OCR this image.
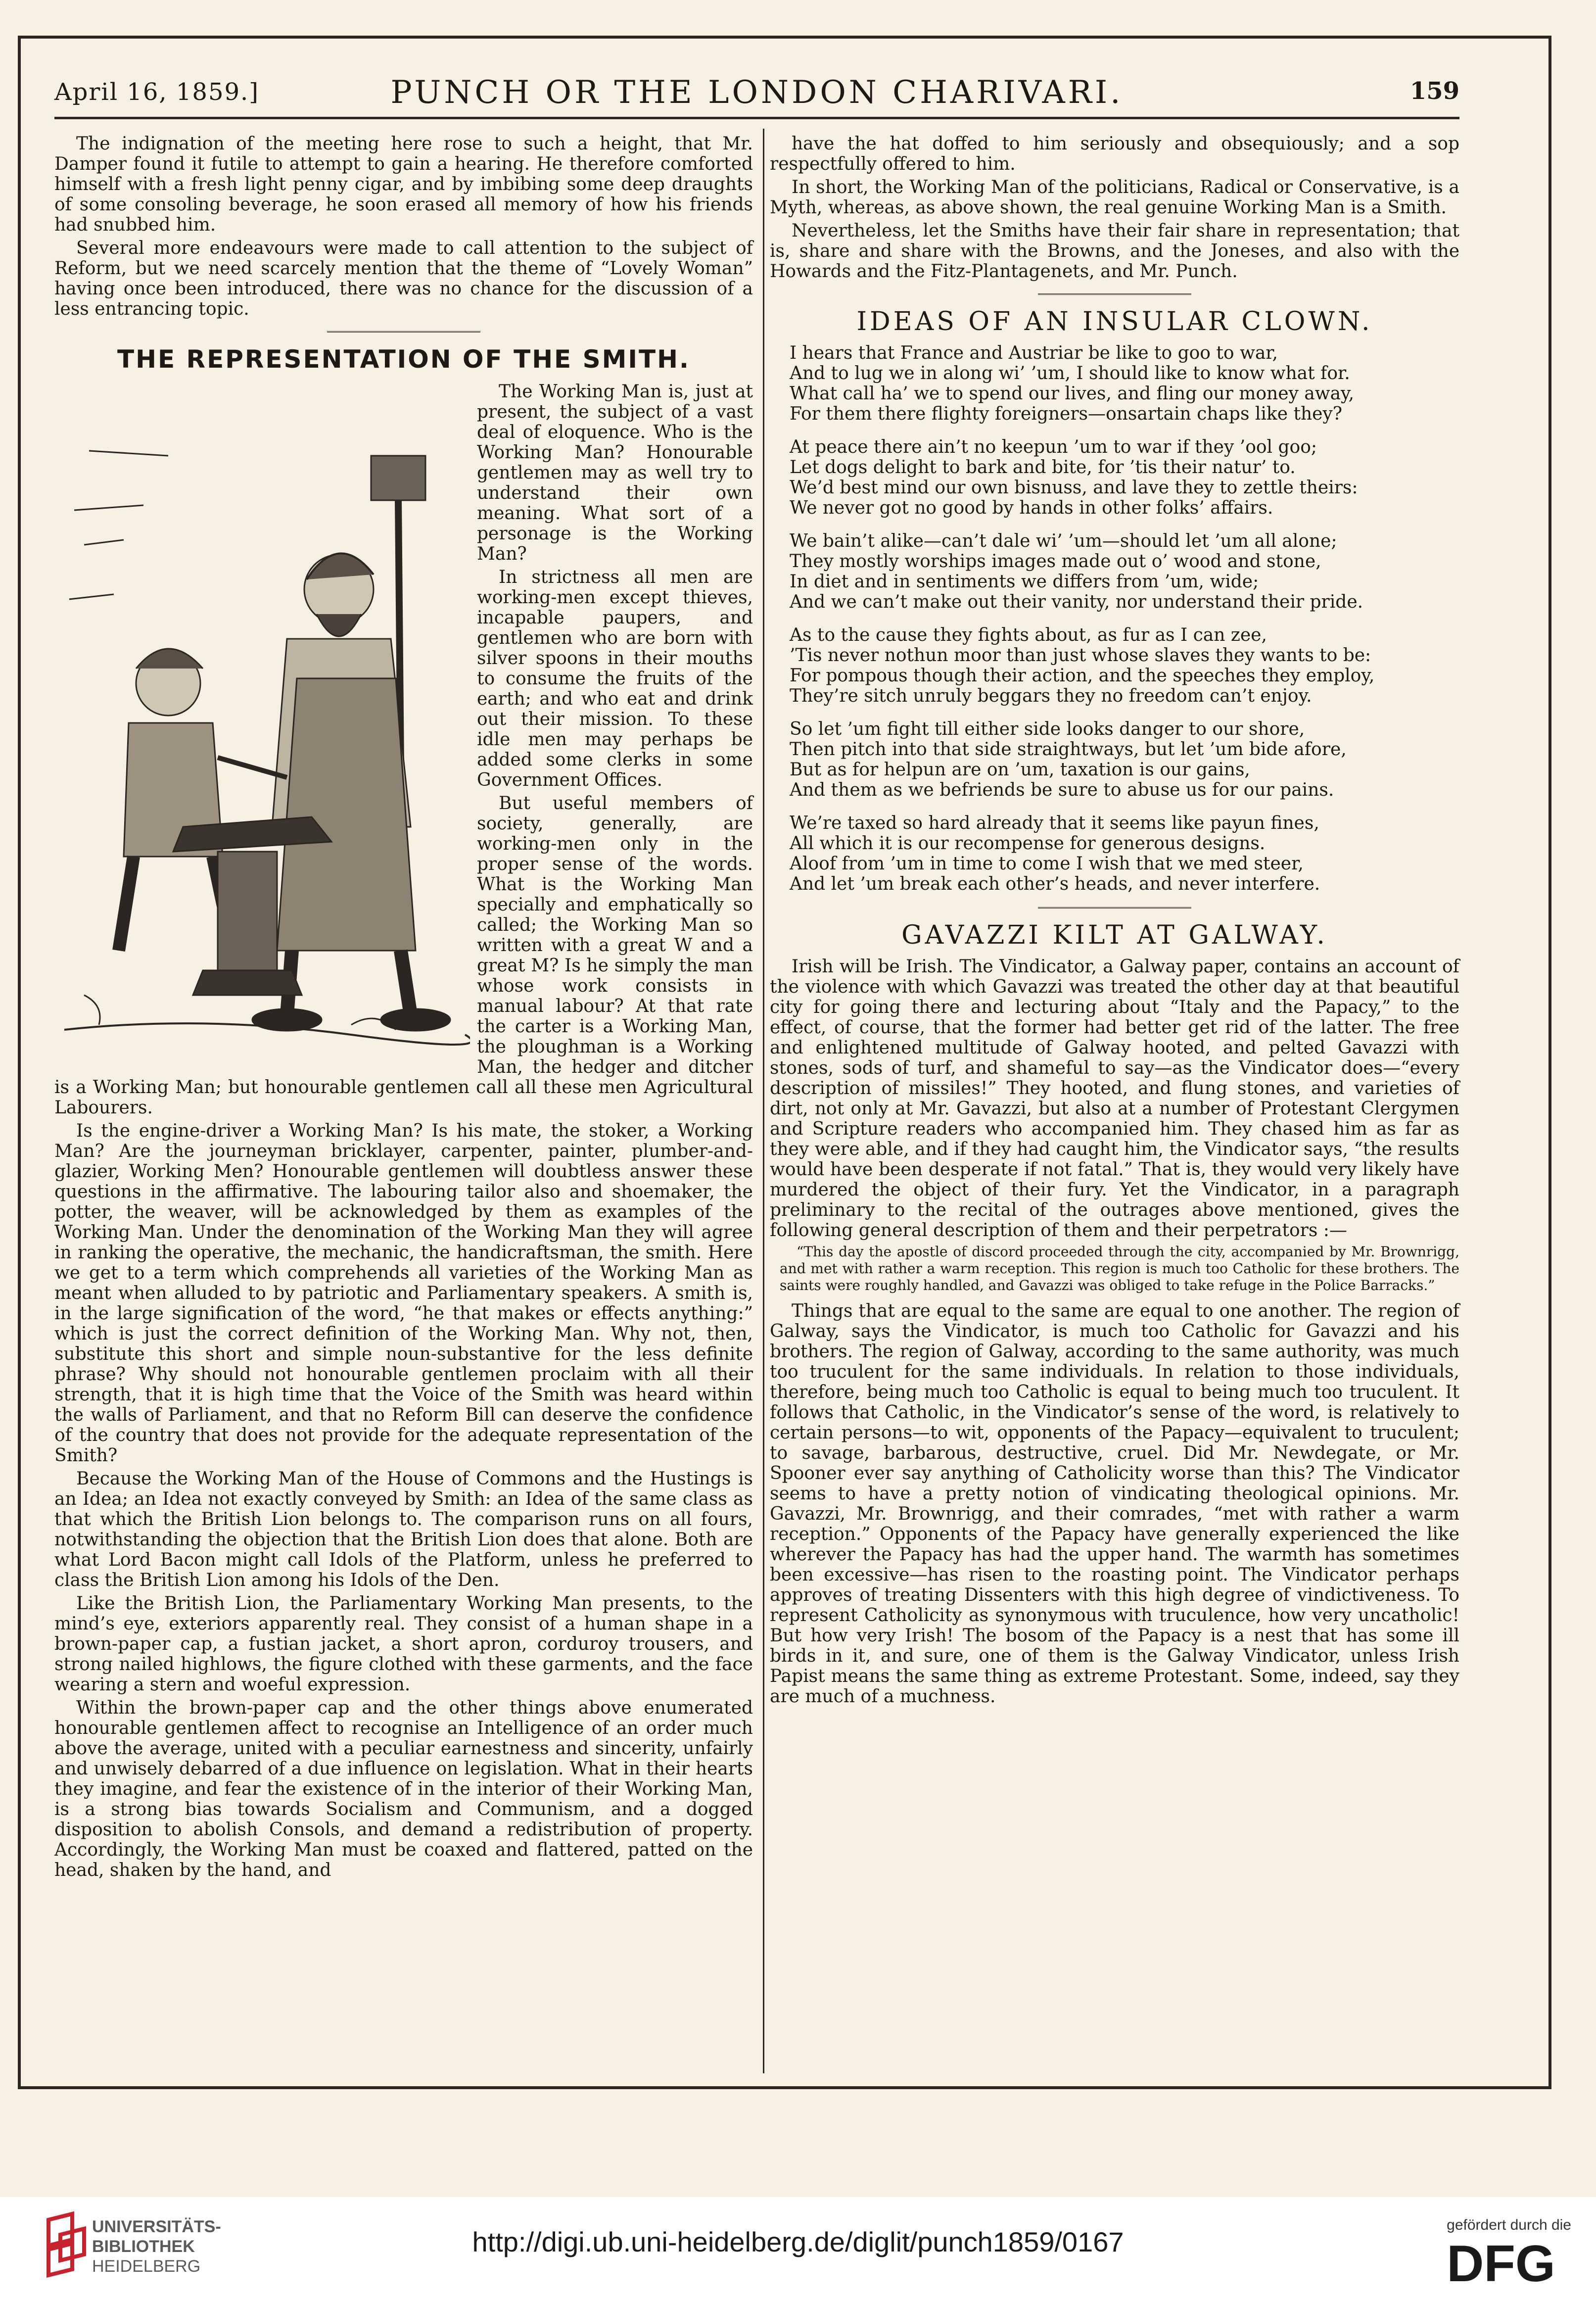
April 16, 1859.]	PUNCH OR THE LONDON CHARIVARI.	159

The indignation of the meeting here rose to such a height, that Mr. Damper found it futile to attempt to gain a hearing. He therefore comforted himself with a fresh light penny cigar, and by imbibing some deep draughts of some consoling beverage, he soon erased all memory of how his friends had snubbed him.

Several more endeavours were made to call attention to the subject of Reform, but we need scarcely mention that the theme of “Lovely Woman” having once been introduced, there was no chance for the discussion of a less entrancing topic.

THE REPRESENTATION OF THE SMITH.

The Working Man is, just at present, the subject of a vast deal of eloquence. Who is the Working Man? Honourable gentlemen may as well try to understand their own meaning. What sort of a personage is the Working Man?

In strictness all men are working-men except thieves, incapable paupers, and gentlemen who are born with silver spoons in their mouths to consume the fruits of the earth; and who eat and drink out their mission. To these idle men may perhaps be added some clerks in some Government Offices.

But useful members of society, generally, are working-men only in the proper sense of the words. What is the Working Man specially and emphatically so called; the Working Man so written with a great W and a great M? Is he simply the man whose work consists in manual labour? At that rate the carter is a Working Man, the ploughman is a Working Man, the hedger and ditcher is a Working Man; but honourable gentlemen call all these men Agricultural Labourers.

Is the engine-driver a Working Man? Is his mate, the stoker, a Working Man? Are the journeyman bricklayer, carpenter, painter, plumber-and-glazier, Working Men? Honourable gentlemen will doubtless answer these questions in the affirmative. The labouring tailor also and shoemaker, the potter, the weaver, will be acknowledged by them as examples of the Working Man. Under the denomination of the Working Man they will agree in ranking the operative, the mechanic, the handicraftsman, the smith. Here we get to a term which comprehends all varieties of the Working Man as meant when alluded to by patriotic and Parliamentary speakers. A smith is, in the large signification of the word, “he that makes or effects anything:” which is just the correct definition of the Working Man. Why not, then, substitute this short and simple noun-substantive for the less definite phrase? Why should not honourable gentlemen proclaim with all their strength, that it is high time that the Voice of the Smith was heard within the walls of Parliament, and that no Reform Bill can deserve the confidence of the country that does not provide for the adequate representation of the Smith?

Because the Working Man of the House of Commons and the Hustings is an Idea; an Idea not exactly conveyed by Smith: an Idea of the same class as that which the British Lion belongs to. The comparison runs on all fours, notwithstanding the objection that the British Lion does that alone. Both are what Lord Bacon might call Idols of the Platform, unless he preferred to class the British Lion among his Idols of the Den.

Like the British Lion, the Parliamentary Working Man presents, to the mind’s eye, exteriors apparently real. They consist of a human shape in a brown-paper cap, a fustian jacket, a short apron, corduroy trousers, and strong nailed highlows, the figure clothed with these garments, and the face wearing a stern and woeful expression.

Within the brown-paper cap and the other things above enumerated honourable gentlemen affect to recognise an Intelligence of an order much above the average, united with a peculiar earnestness and sincerity, unfairly and unwisely debarred of a due influence on legislation. What in their hearts they imagine, and fear the existence of in the interior of their Working Man, is a strong bias towards Socialism and Communism, and a dogged disposition to abolish Consols, and demand a redistribution of property. Accordingly, the Working Man must be coaxed and flattered, patted on the head, shaken by the hand, and

have the hat doffed to him seriously and obsequiously; and a sop respectfully offered to him.

In short, the Working Man of the politicians, Radical or Conservative, is a Myth, whereas, as above shown, the real genuine Working Man is a Smith.

Nevertheless, let the Smiths have their fair share in representation; that is, share and share with the Browns, and the Joneses, and also with the Howards and the Fitz-Plantagenets, and Mr. Punch.

IDEAS OF AN INSULAR CLOWN.
I hears that France and Austriar be like to goo to war,
And to lug we in along wi’ ’um, I should like to know what for.
What call ha’ we to spend our lives, and fling our money away,
For them there flighty foreigners—onsartain chaps like they?
At peace there ain’t no keepun ’um to war if they ’ool goo;
Let dogs delight to bark and bite, for ’tis their natur’ to.
We’d best mind our own bisnuss, and lave they to zettle theirs:
We never got no good by hands in other folks’ affairs.
We bain’t alike—can’t dale wi’ ’um—should let ’um all alone;
They mostly worships images made out o’ wood and stone,
In diet and in sentiments we differs from ’um, wide;
And we can’t make out their vanity, nor understand their pride.
As to the cause they fights about, as fur as I can zee,
’Tis never nothun moor than just whose slaves they wants to be:
For pompous though their action, and the speeches they employ,
They’re sitch unruly beggars they no freedom can’t enjoy.
So let ’um fight till either side looks danger to our shore,
Then pitch into that side straightways, but let ’um bide afore,
But as for helpun are on ’um, taxation is our gains,
And them as we befriends be sure to abuse us for our pains.
We’re taxed so hard already that it seems like payun fines,
All which it is our recompense for generous designs.
Aloof from ’um in time to come I wish that we med steer,
And let ’um break each other’s heads, and never interfere.
GAVAZZI KILT AT GALWAY.

Irish will be Irish. The Vindicator, a Galway paper, contains an account of the violence with which Gavazzi was treated the other day at that beautiful city for going there and lecturing about “Italy and the Papacy,” to the effect, of course, that the former had better get rid of the latter. The free and enlightened multitude of Galway hooted, and pelted Gavazzi with stones, sods of turf, and shameful to say—as the Vindicator does—“every description of missiles!” They hooted, and flung stones, and varieties of dirt, not only at Mr. Gavazzi, but also at a number of Protestant Clergymen and Scripture readers who accompanied him. They chased him as far as they were able, and if they had caught him, the Vindicator says, “the results would have been desperate if not fatal.” That is, they would very likely have murdered the object of their fury. Yet the Vindicator, in a paragraph preliminary to the recital of the outrages above mentioned, gives the following general description of them and their perpetrators :—

“This day the apostle of discord proceeded through the city, accompanied by Mr. Brownrigg, and met with rather a warm reception. This region is much too Catholic for these brothers. The saints were roughly handled, and Gavazzi was obliged to take refuge in the Police Barracks.”

Things that are equal to the same are equal to one another. The region of Galway, says the Vindicator, is much too Catholic for Gavazzi and his brothers. The region of Galway, according to the same authority, was much too truculent for the same individuals. In relation to those individuals, therefore, being much too Catholic is equal to being much too truculent. It follows that Catholic, in the Vindicator’s sense of the word, is relatively to certain persons—to wit, opponents of the Papacy—equivalent to truculent; to savage, barbarous, destructive, cruel. Did Mr. Newdegate, or Mr. Spooner ever say anything of Catholicity worse than this? The Vindicator seems to have a pretty notion of vindicating theological opinions. Mr. Gavazzi, Mr. Brownrigg, and their comrades, “met with rather a warm reception.” Opponents of the Papacy have generally experienced the like wherever the Papacy has had the upper hand. The warmth has sometimes been excessive—has risen to the roasting point. The Vindicator perhaps approves of treating Dissenters with this high degree of vindictiveness. To represent Catholicity as synonymous with truculence, how very uncatholic! But how very Irish! The bosom of the Papacy is a nest that has some ill birds in it, and sure, one of them is the Galway Vindicator, unless Irish Papist means the same thing as extreme Protestant. Some, indeed, say they are much of a muchness.

UNIVERSITÄTS-
BIBLIOTHEK
HEIDELBERG
http://digi.ub.uni-heidelberg.de/diglit/punch1859/0167
gefördert durch die
DFG
